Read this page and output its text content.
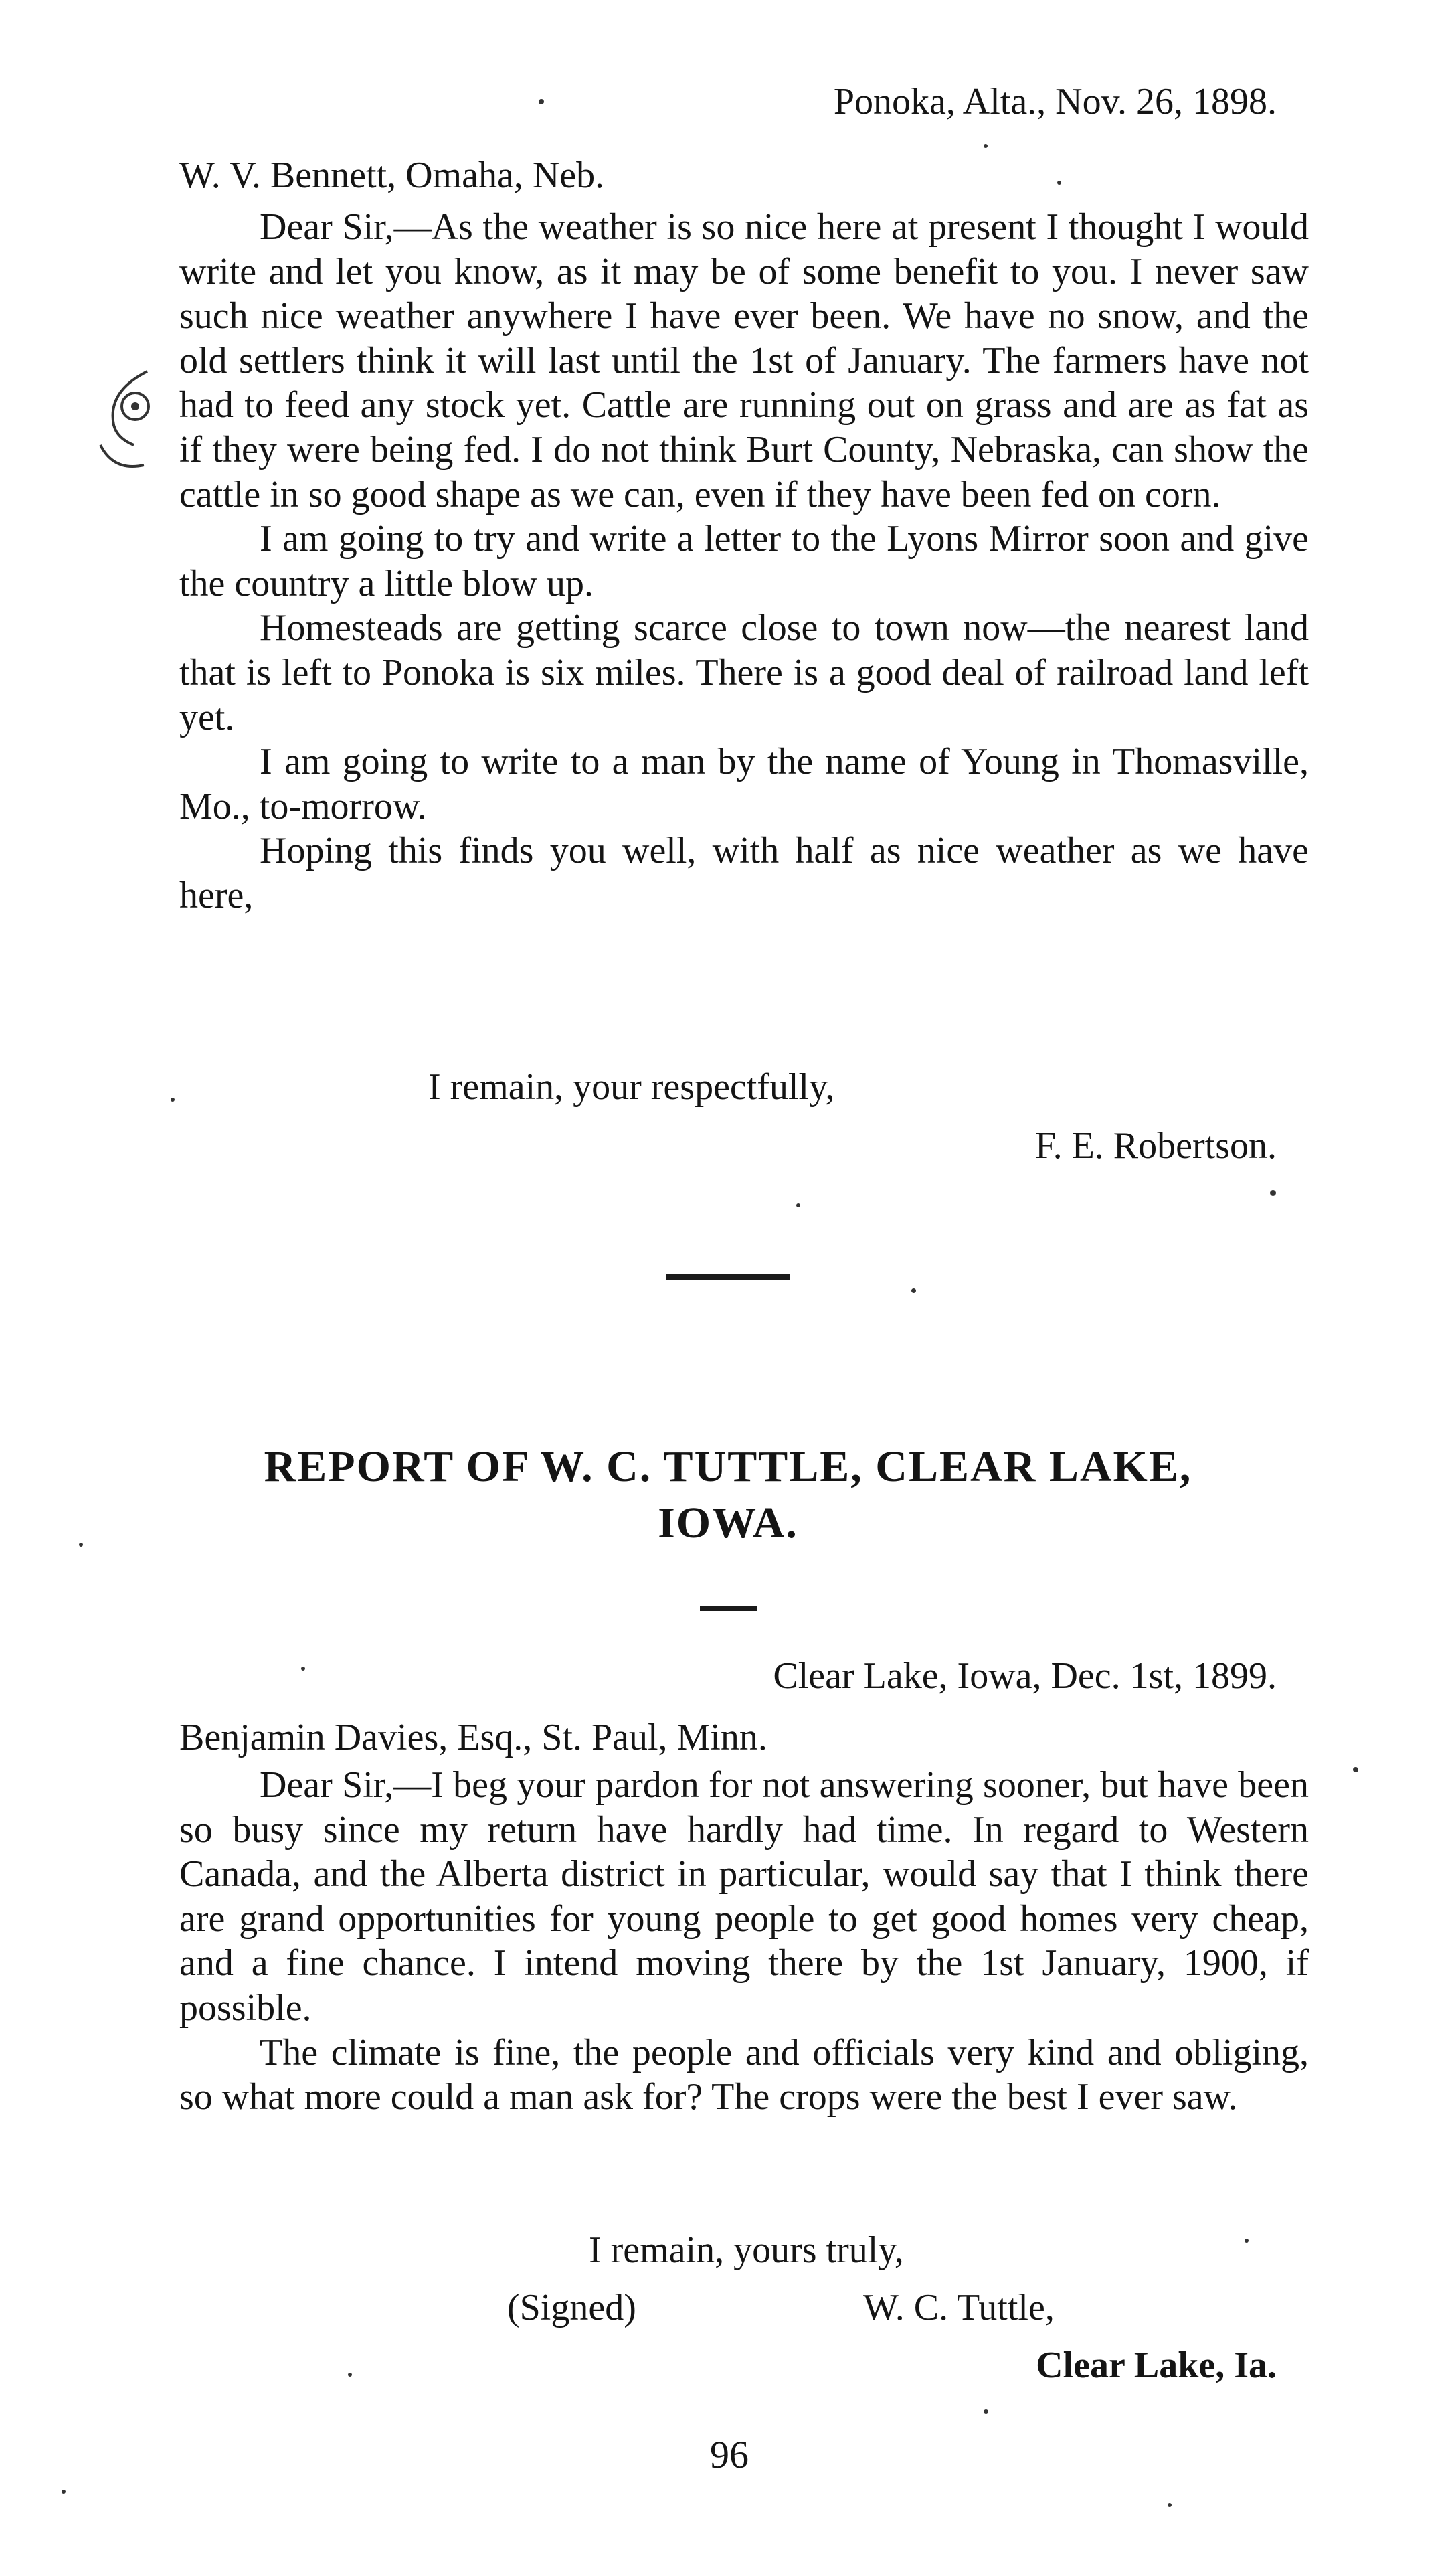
Ponoka, Alta., Nov. 26, 1898.
W. V. Bennett, Omaha, Neb.

Dear Sir,—As the weather is so nice here at present I thought I would write and let you know, as it may be of some benefit to you. I never saw such nice weather anywhere I have ever been. We have no snow, and the old settlers think it will last until the 1st of January. The farmers have not had to feed any stock yet. Cattle are running out on grass and are as fat as if they were being fed. I do not think Burt County, Nebraska, can show the cattle in so good shape as we can, even if they have been fed on corn.

I am going to try and write a letter to the Lyons Mirror soon and give the country a little blow up.

Homesteads are getting scarce close to town now—the nearest land that is left to Ponoka is six miles. There is a good deal of railroad land left yet.

I am going to write to a man by the name of Young in Thomasville, Mo., to-morrow.

Hoping this finds you well, with half as nice weather as we have here,

I remain, your respectfully,
F. E. Robertson.
REPORT OF W. C. TUTTLE, CLEAR LAKE,
IOWA.
Clear Lake, Iowa, Dec. 1st, 1899.
Benjamin Davies, Esq., St. Paul, Minn.

Dear Sir,—I beg your pardon for not answering sooner, but have been so busy since my return have hardly had time. In regard to Western Canada, and the Alberta district in particular, would say that I think there are grand opportunities for young people to get good homes very cheap, and a fine chance. I intend moving there by the 1st January, 1900, if possible.

The climate is fine, the people and officials very kind and obliging, so what more could a man ask for? The crops were the best I ever saw.

I remain, yours truly,
(Signed)	W. C. Tuttle,
Clear Lake, Ia.
96
